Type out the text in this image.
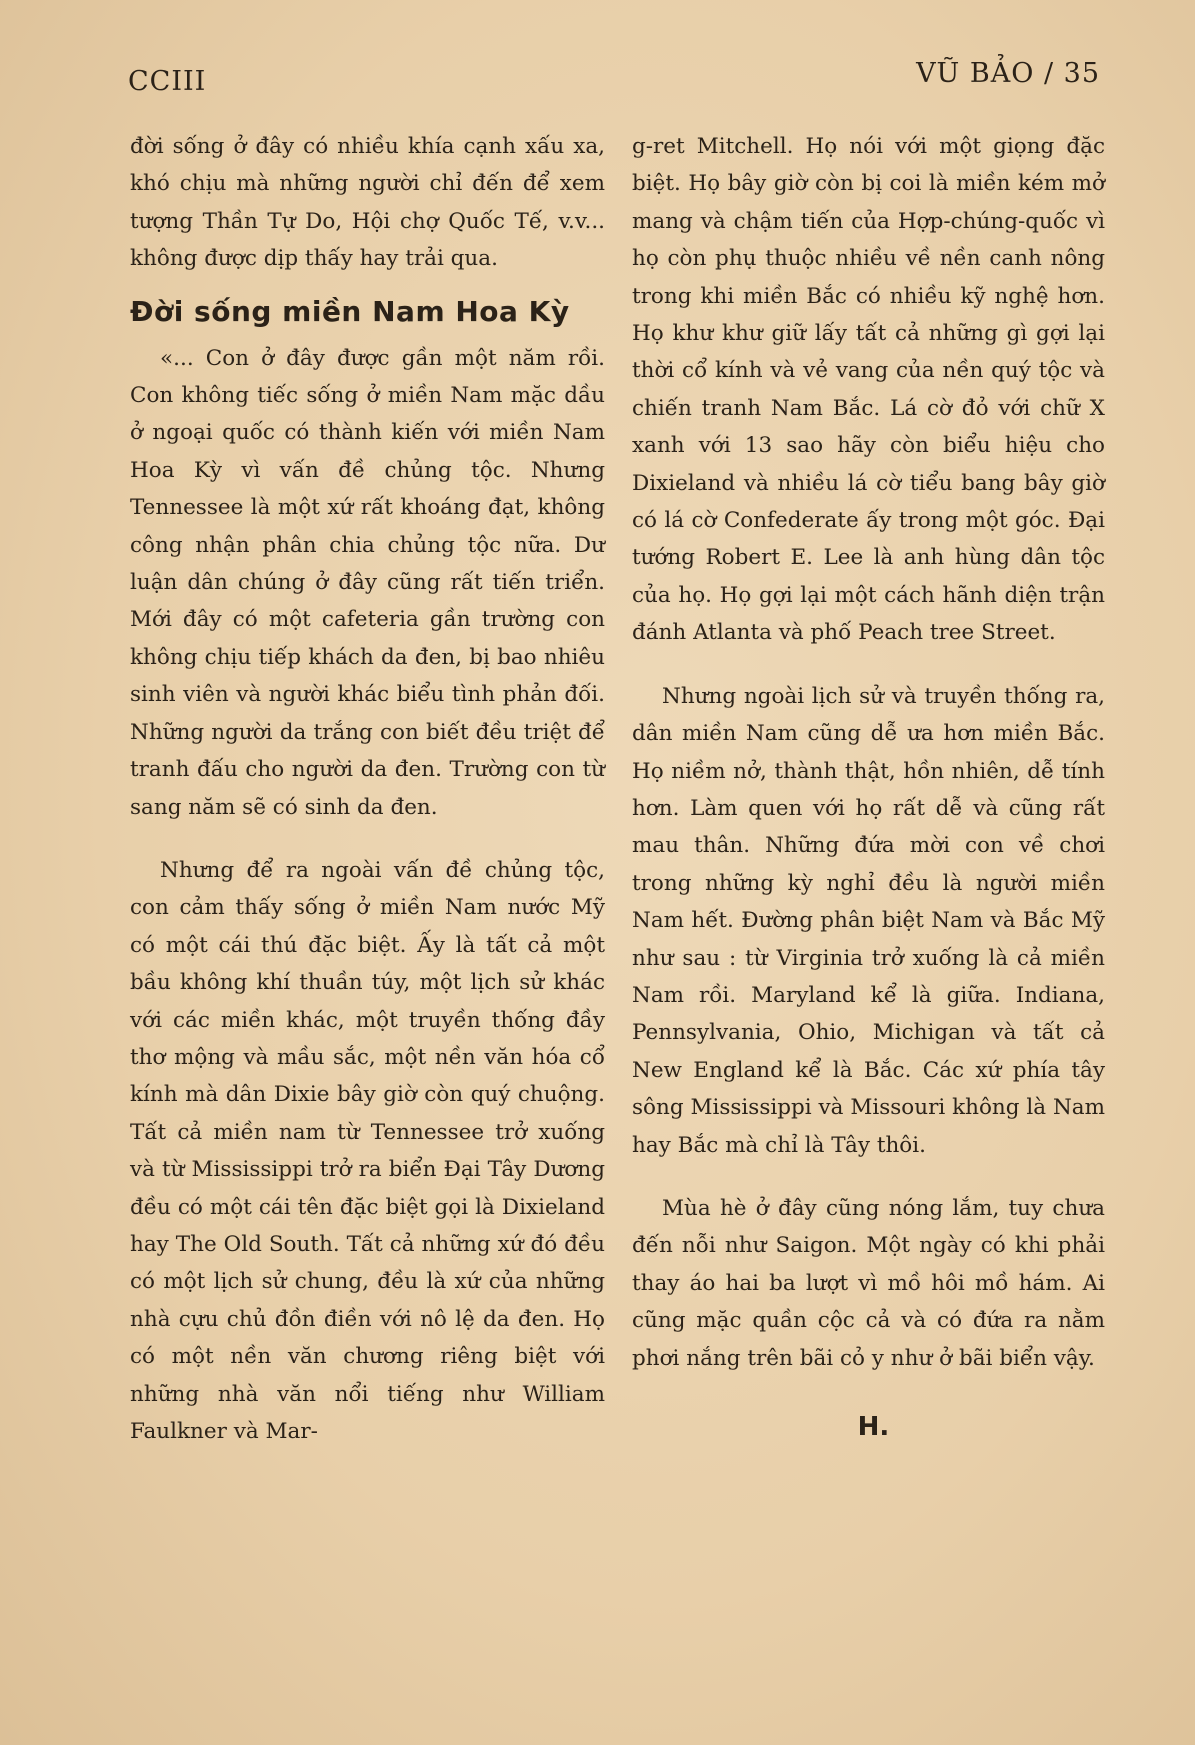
CCIII	VŨ BẢO / 35

đời sống ở đây có nhiều khía cạnh xấu xa, khó chịu mà những người chỉ đến để xem tượng Thần Tự Do, Hội chợ Quốc Tế, v.v... không được dịp thấy hay trải qua.

Đời sống miền Nam Hoa Kỳ

«... Con ở đây được gần một năm rồi. Con không tiếc sống ở miền Nam mặc dầu ở ngoại quốc có thành kiến với miền Nam Hoa Kỳ vì vấn đề chủng tộc. Nhưng Tennessee là một xứ rất khoáng đạt, không công nhận phân chia chủng tộc nữa. Dư luận dân chúng ở đây cũng rất tiến triển. Mới đây có một cafeteria gần trường con không chịu tiếp khách da đen, bị bao nhiêu sinh viên và người khác biểu tình phản đối. Những người da trắng con biết đều triệt để tranh đấu cho người da đen. Trường con từ sang năm sẽ có sinh da đen.

Nhưng để ra ngoài vấn đề chủng tộc, con cảm thấy sống ở miền Nam nước Mỹ có một cái thú đặc biệt. Ấy là tất cả một bầu không khí thuần túy, một lịch sử khác với các miền khác, một truyền thống đầy thơ mộng và mầu sắc, một nền văn hóa cổ kính mà dân Dixie bây giờ còn quý chuộng. Tất cả miền nam từ Tennessee trở xuống và từ Mississippi trở ra biển Đại Tây Dương đều có một cái tên đặc biệt gọi là Dixieland hay The Old South. Tất cả những xứ đó đều có một lịch sử chung, đều là xứ của những nhà cựu chủ đồn điền với nô lệ da đen. Họ có một nền văn chương riêng biệt với những nhà văn nổi tiếng như William Faulkner và Mar-

g-ret Mitchell. Họ nói với một giọng đặc biệt. Họ bây giờ còn bị coi là miền kém mở mang và chậm tiến của Hợp-chúng-quốc vì họ còn phụ thuộc nhiều về nền canh nông trong khi miền Bắc có nhiều kỹ nghệ hơn. Họ khư khư giữ lấy tất cả những gì gợi lại thời cổ kính và vẻ vang của nền quý tộc và chiến tranh Nam Bắc. Lá cờ đỏ với chữ X xanh với 13 sao hãy còn biểu hiệu cho Dixieland và nhiều lá cờ tiểu bang bây giờ có lá cờ Confederate ấy trong một góc. Đại tướng Robert E. Lee là anh hùng dân tộc của họ. Họ gợi lại một cách hãnh diện trận đánh Atlanta và phố Peach tree Street.

Nhưng ngoài lịch sử và truyền thống ra, dân miền Nam cũng dễ ưa hơn miền Bắc. Họ niềm nở, thành thật, hồn nhiên, dễ tính hơn. Làm quen với họ rất dễ và cũng rất mau thân. Những đứa mời con về chơi trong những kỳ nghỉ đều là người miền Nam hết. Đường phân biệt Nam và Bắc Mỹ như sau : từ Virginia trở xuống là cả miền Nam rồi. Maryland kể là giữa. Indiana, Pennsylvania, Ohio, Michigan và tất cả New England kể là Bắc. Các xứ phía tây sông Mississippi và Missouri không là Nam hay Bắc mà chỉ là Tây thôi.

Mùa hè ở đây cũng nóng lắm, tuy chưa đến nỗi như Saigon. Một ngày có khi phải thay áo hai ba lượt vì mồ hôi mồ hám. Ai cũng mặc quần cộc cả và có đứa ra nằm phơi nắng trên bãi cỏ y như ở bãi biển vậy.

H.
